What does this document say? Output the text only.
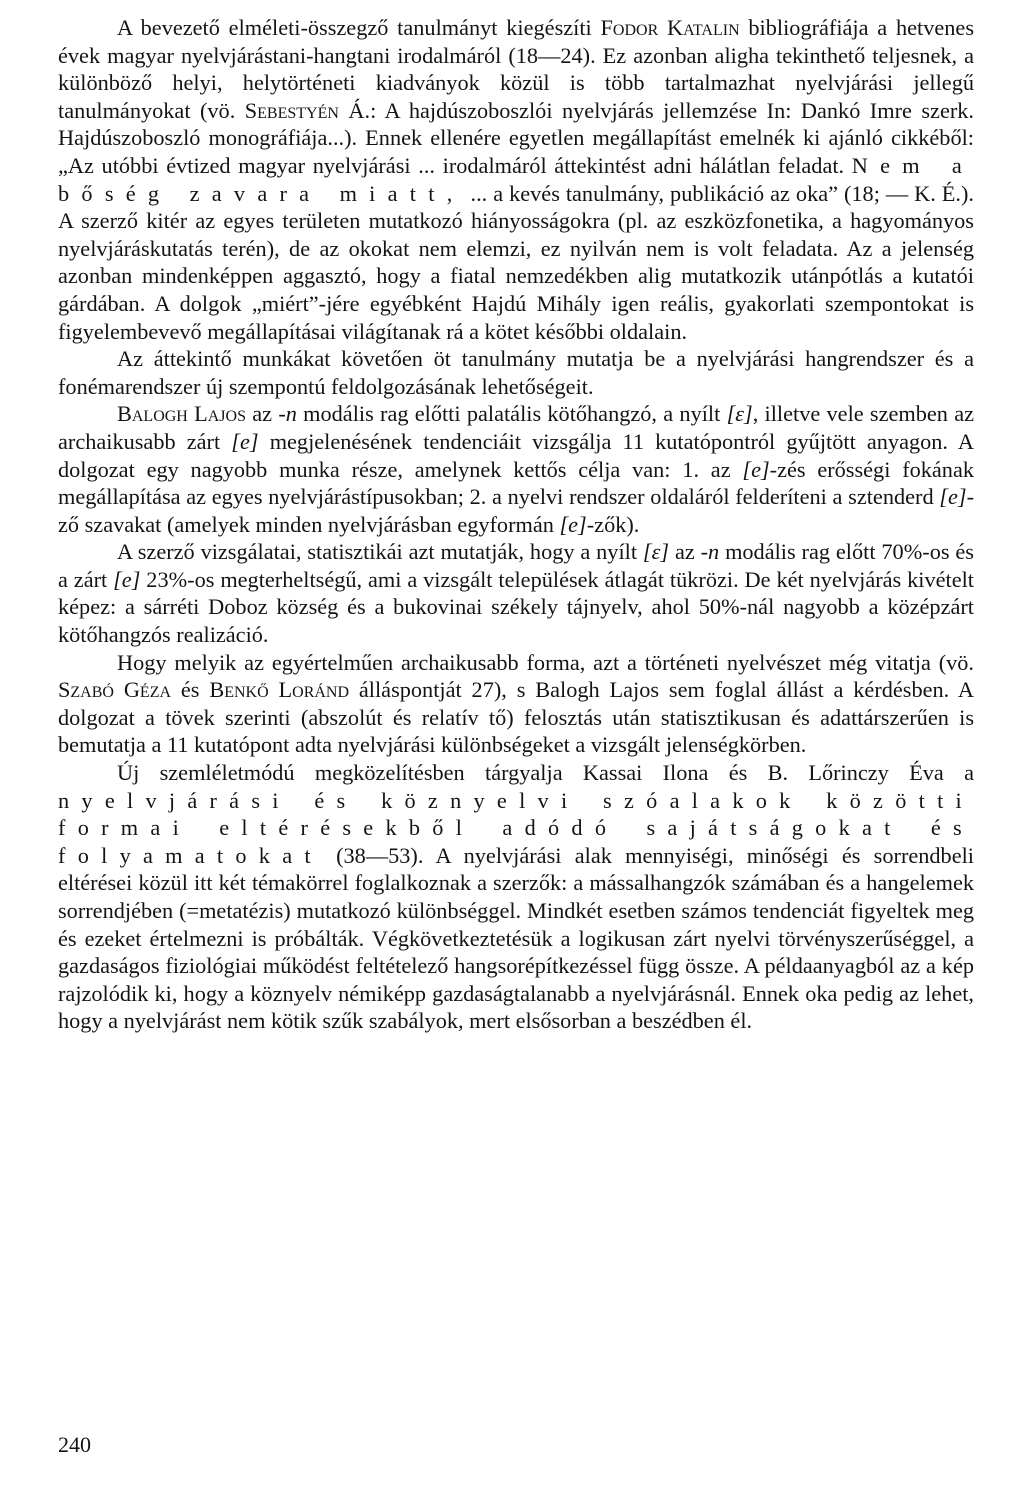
A bevezető elméleti-összegző tanulmányt kiegészíti Fodor Katalin bibliográfiája a hetvenes évek magyar nyelvjárástani-hangtani irodalmáról (18—24). Ez azonban aligha tekinthető teljesnek, a különböző helyi, helytörténeti kiadványok közül is több tartalmazhat nyelvjárási jellegű tanulmányokat (vö. Sebestyén Á.: A hajdúszoboszlói nyelvjárás jellemzése In: Dankó Imre szerk. Hajdúszoboszló monográfiája...). Ennek ellenére egyetlen megállapítást emelnék ki ajánló cikkéből: „Az utóbbi évtized magyar nyelvjárási ... irodalmáról áttekintést adni hálátlan feladat. Nem a bőség zavara miatt, ... a kevés tanulmány, publikáció az oka” (18; — K. É.). A szerző kitér az egyes területen mutatkozó hiányosságokra (pl. az eszközfonetika, a hagyományos nyelvjáráskutatás terén), de az okokat nem elemzi, ez nyilván nem is volt feladata. Az a jelenség azonban mindenképpen aggasztó, hogy a fiatal nemzedékben alig mutatkozik utánpótlás a kutatói gárdában. A dolgok „miért”-jére egyébként Hajdú Mihály igen reális, gyakorlati szempontokat is figyelembevevő megállapításai világítanak rá a kötet későbbi oldalain.

Az áttekintő munkákat követően öt tanulmány mutatja be a nyelvjárási hangrendszer és a fonémarendszer új szempontú feldolgozásának lehetőségeit.

Balogh Lajos az -n modális rag előtti palatális kötőhangzó, a nyílt [ɛ], illetve vele szemben az archaikusabb zárt [e] megjelenésének tendenciáit vizsgálja 11 kutatópontról gyűjtött anyagon. A dolgozat egy nagyobb munka része, amelynek kettős célja van: 1. az [e]-zés erősségi fokának megállapítása az egyes nyelvjárástípusokban; 2. a nyelvi rendszer oldaláról felderíteni a sztenderd [e]-ző szavakat (amelyek minden nyelvjárásban egyformán [e]-zők).

A szerző vizsgálatai, statisztikái azt mutatják, hogy a nyílt [ɛ] az -n modális rag előtt 70%-os és a zárt [e] 23%-os megterheltségű, ami a vizsgált települések átlagát tükrözi. De két nyelvjárás kivételt képez: a sárréti Doboz község és a bukovinai székely tájnyelv, ahol 50%-nál nagyobb a középzárt kötőhangzós realizáció.

Hogy melyik az egyértelműen archaikusabb forma, azt a történeti nyelvészet még vitatja (vö. Szabó Géza és Benkő Loránd álláspontját 27), s Balogh Lajos sem foglal állást a kérdésben. A dolgozat a tövek szerinti (abszolút és relatív tő) felosztás után statisztikusan és adattárszerűen is bemutatja a 11 kutatópont adta nyelvjárási különbségeket a vizsgált jelenségkörben.

Új szemléletmódú megközelítésben tárgyalja Kassai Ilona és B. Lőrinczy Éva a nyelvjárási és köznyelvi szóalakok közötti formai eltérésekből adódó sajátságokat és folyamatokat (38—53). A nyelvjárási alak mennyiségi, minőségi és sorrendbeli eltérései közül itt két témakörrel foglalkoznak a szerzők: a mássalhangzók számában és a hangelemek sorrendjében (=metatézis) mutatkozó különbséggel. Mindkét esetben számos tendenciát figyeltek meg és ezeket értelmezni is próbálták. Végkövetkeztetésük a logikusan zárt nyelvi törvényszerűséggel, a gazdaságos fiziológiai működést feltételező hangsorépítkezéssel függ össze. A példaanyagból az a kép rajzolódik ki, hogy a köznyelv némiképp gazdaságtalanabb a nyelvjárásnál. Ennek oka pedig az lehet, hogy a nyelvjárást nem kötik szűk szabályok, mert elsősorban a beszédben él.

240
